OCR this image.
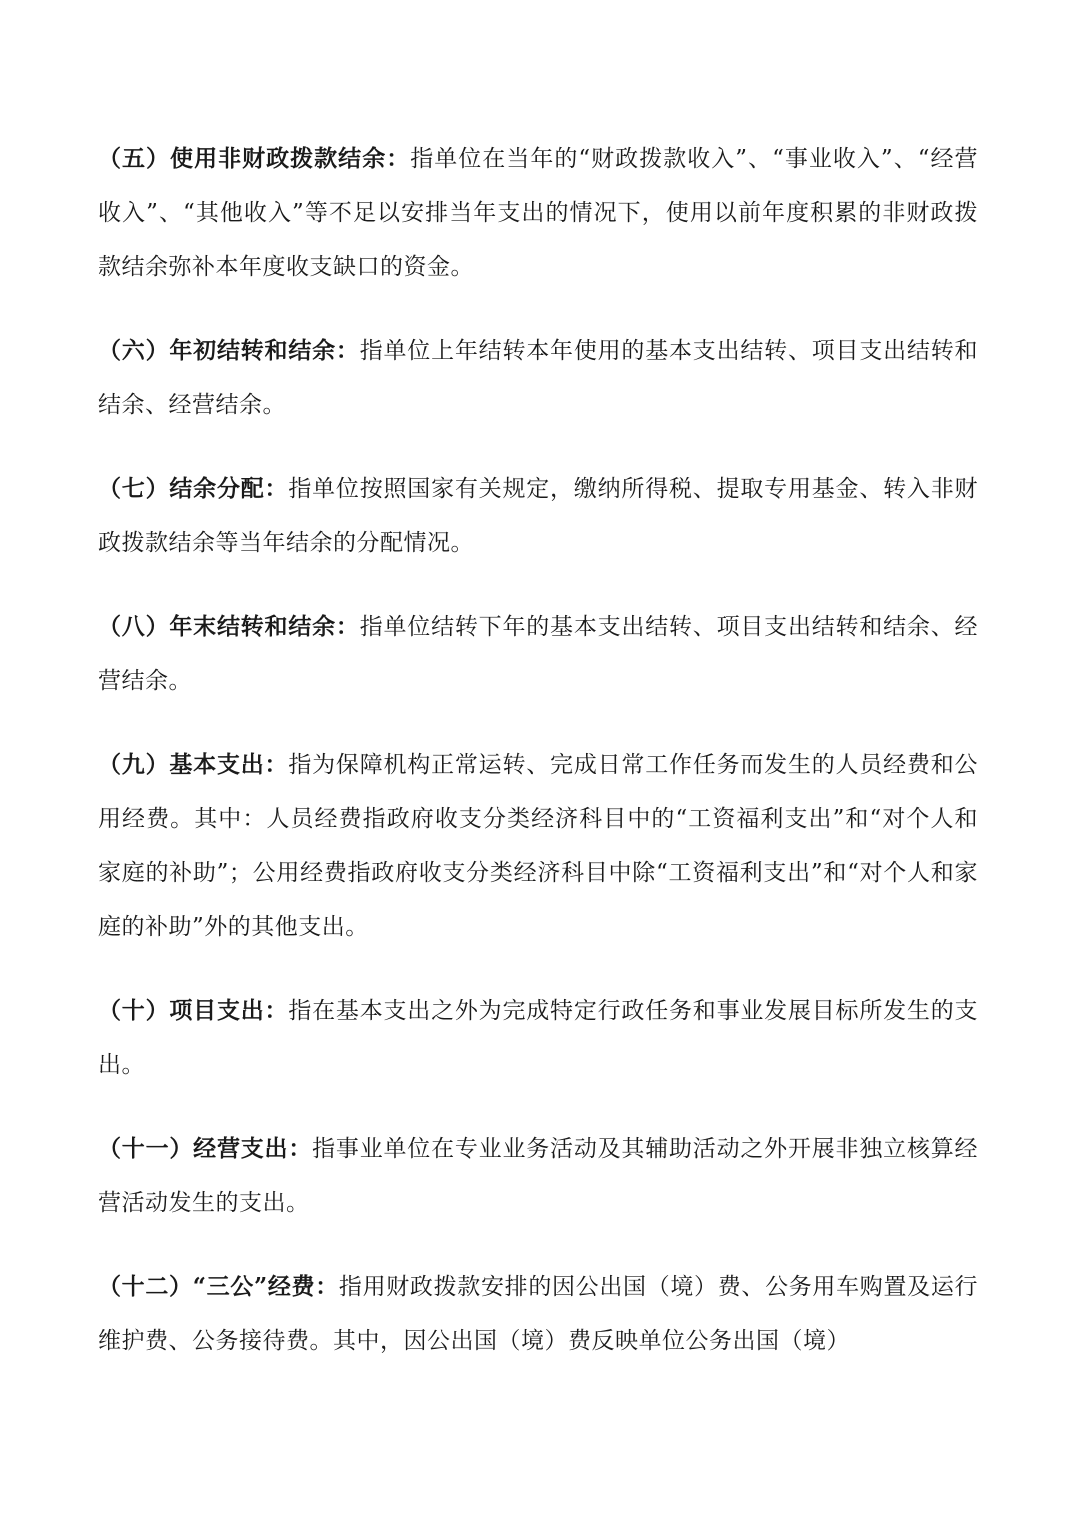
（五）使用非财政拨款结余：指单位在当年的“财政拨款收入”、“事业收入”、“经营收入”、“其他收入”等不足以安排当年支出的情况下，使用以前年度积累的非财政拨款结余弥补本年度收支缺口的资金。

（六）年初结转和结余：指单位上年结转本年使用的基本支出结转、项目支出结转和结余、经营结余。

（七）结余分配：指单位按照国家有关规定，缴纳所得税、提取专用基金、转入非财政拨款结余等当年结余的分配情况。

（八）年末结转和结余：指单位结转下年的基本支出结转、项目支出结转和结余、经营结余。

（九）基本支出：指为保障机构正常运转、完成日常工作任务而发生的人员经费和公用经费。其中：人员经费指政府收支分类经济科目中的“工资福利支出”和“对个人和家庭的补助”；公用经费指政府收支分类经济科目中除“工资福利支出”和“对个人和家庭的补助”外的其他支出。

（十）项目支出：指在基本支出之外为完成特定行政任务和事业发展目标所发生的支出。

（十一）经营支出：指事业单位在专业业务活动及其辅助活动之外开展非独立核算经营活动发生的支出。

（十二）“三公”经费：指用财政拨款安排的因公出国（境）费、公务用车购置及运行维护费、公务接待费。其中，因公出国（境）费反映单位公务出国（境）
